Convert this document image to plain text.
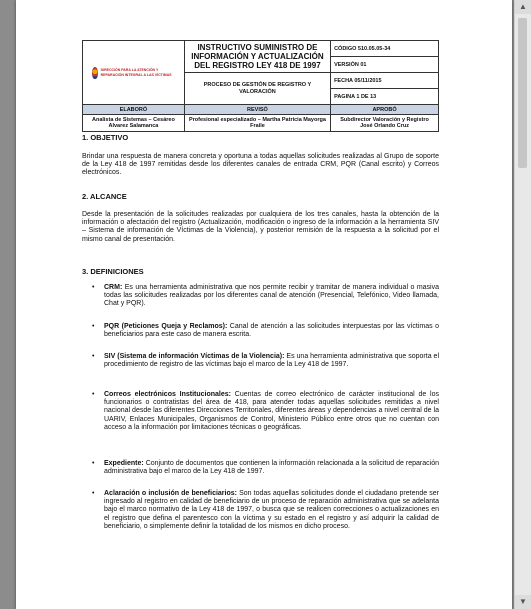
DIRECCIÓN PARA LA ATENCIÓN Y REPARACIÓN INTEGRAL A LAS VÍCTIMAS	INSTRUCTIVO SUMINISTRO DE INFORMACIÓN Y ACTUALIZACIÓN DEL REGISTRO LEY 418 DE 1997	CÓDIGO 510.05.05-34
		VERSIÓN 01
	PROCESO DE GESTIÓN DE REGISTRO Y VALORACIÓN	FECHA 05/11/2015
		PAGINA 1 DE 13
ELABORÓ	REVISÓ	APROBÓ
Analista de Sistemas – Cesáreo Alvarez Salamanca	Profesional especializado – Martha Patricia Mayorga Fraile	Subdirector Valoración y Registro José Orlando Cruz
1. OBJETIVO

Brindar una respuesta de manera concreta y oportuna a todas aquellas solicitudes realizadas al Grupo de soporte de la Ley 418 de 1997 remitidas desde los diferentes canales de entrada CRM, PQR (Canal escrito) y Correos electrónicos.

2. ALCANCE

Desde la presentación de la solicitudes realizadas por cualquiera de los tres canales, hasta la obtención de la información o afectación del registro (Actualización, modificación o ingreso de la información a la herramienta SIV – Sistema de información de Víctimas de la Violencia), y posterior remisión de la respuesta a la solicitud por el mismo canal de presentación.

3. DEFINICIONES
• CRM: Es una herramienta administrativa que nos permite recibir y tramitar de manera individual o masiva todas las solicitudes realizadas por los diferentes canal de atención (Presencial, Telefónico, Video llamada, Chat y PQR).
• PQR (Peticiones Queja y Reclamos): Canal de atención a las solicitudes interpuestas por las víctimas o beneficiarios para este caso de manera escrita.
• SIV (Sistema de información Víctimas de la Violencia): Es una herramienta administrativa que soporta el procedimiento de registro de las víctimas bajo el marco de la Ley 418 de 1997.
• Correos electrónicos Institucionales: Cuentas de correo electrónico de carácter institucional de los funcionarios o contratistas del área de 418, para atender todas aquellas solicitudes remitidas a nivel nacional desde las diferentes Direcciones Territoriales, diferentes áreas y dependencias a nivel central de la UARIV, Enlaces Municipales, Organismos de Control, Ministerio Público entre otros que no cuentan con acceso a la información por limitaciones técnicas o geográficas.
• Expediente: Conjunto de documentos que contienen la información relacionada a la solicitud de reparación administrativa bajo el marco de la Ley 418 de 1997.
• Aclaración o inclusión de beneficiarios: Son todas aquellas solicitudes donde el ciudadano pretende ser ingresado al registro en calidad de beneficiario de un proceso de reparación administrativa que se adelanta bajo el marco normativo de la Ley 418 de 1997, o busca que se realicen correcciones o actualizaciones en el registro que defina el parentesco con la víctima y su estado en el registro y así adquirir la calidad de beneficiario, o simplemente definir la totalidad de los mismos en dicho proceso.
▲
▼
